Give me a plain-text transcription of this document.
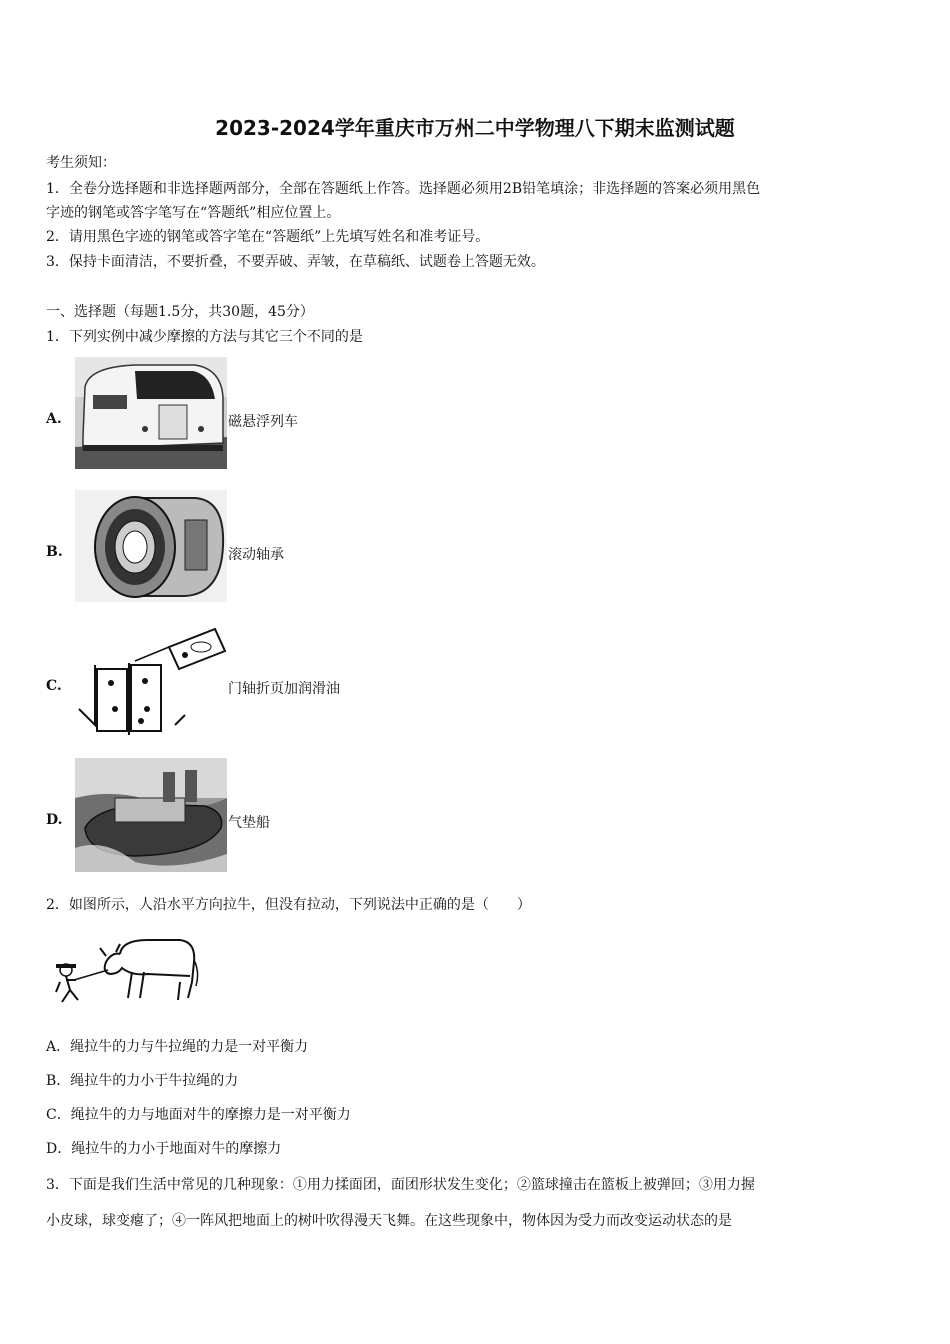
2023-2024学年重庆市万州二中学物理八下期末监测试题
考生须知：
1．全卷分选择题和非选择题两部分，全部在答题纸上作答。选择题必须用2B铅笔填涂；非选择题的答案必须用黑色
字迹的钢笔或答字笔写在“答题纸”相应位置上。
2．请用黑色字迹的钢笔或答字笔在“答题纸”上先填写姓名和准考证号。
3．保持卡面清洁，不要折叠，不要弄破、弄皱，在草稿纸、试题卷上答题无效。
一、选择题（每题1.5分，共30题，45分）
1．下列实例中减少摩擦的方法与其它三个不同的是
A.	磁悬浮列车
B.	滚动轴承
C.	门轴折页加润滑油
D.	气垫船
2．如图所示，人沿水平方向拉牛，但没有拉动，下列说法中正确的是（　　）
A．绳拉牛的力与牛拉绳的力是一对平衡力
B．绳拉牛的力小于牛拉绳的力
C．绳拉牛的力与地面对牛的摩擦力是一对平衡力
D．绳拉牛的力小于地面对牛的摩擦力
3．下面是我们生活中常见的几种现象：①用力揉面团，面团形状发生变化；②篮球撞击在篮板上被弹回；③用力握
小皮球，球变瘪了；④一阵风把地面上的树叶吹得漫天飞舞。在这些现象中，物体因为受力而改变运动状态的是
